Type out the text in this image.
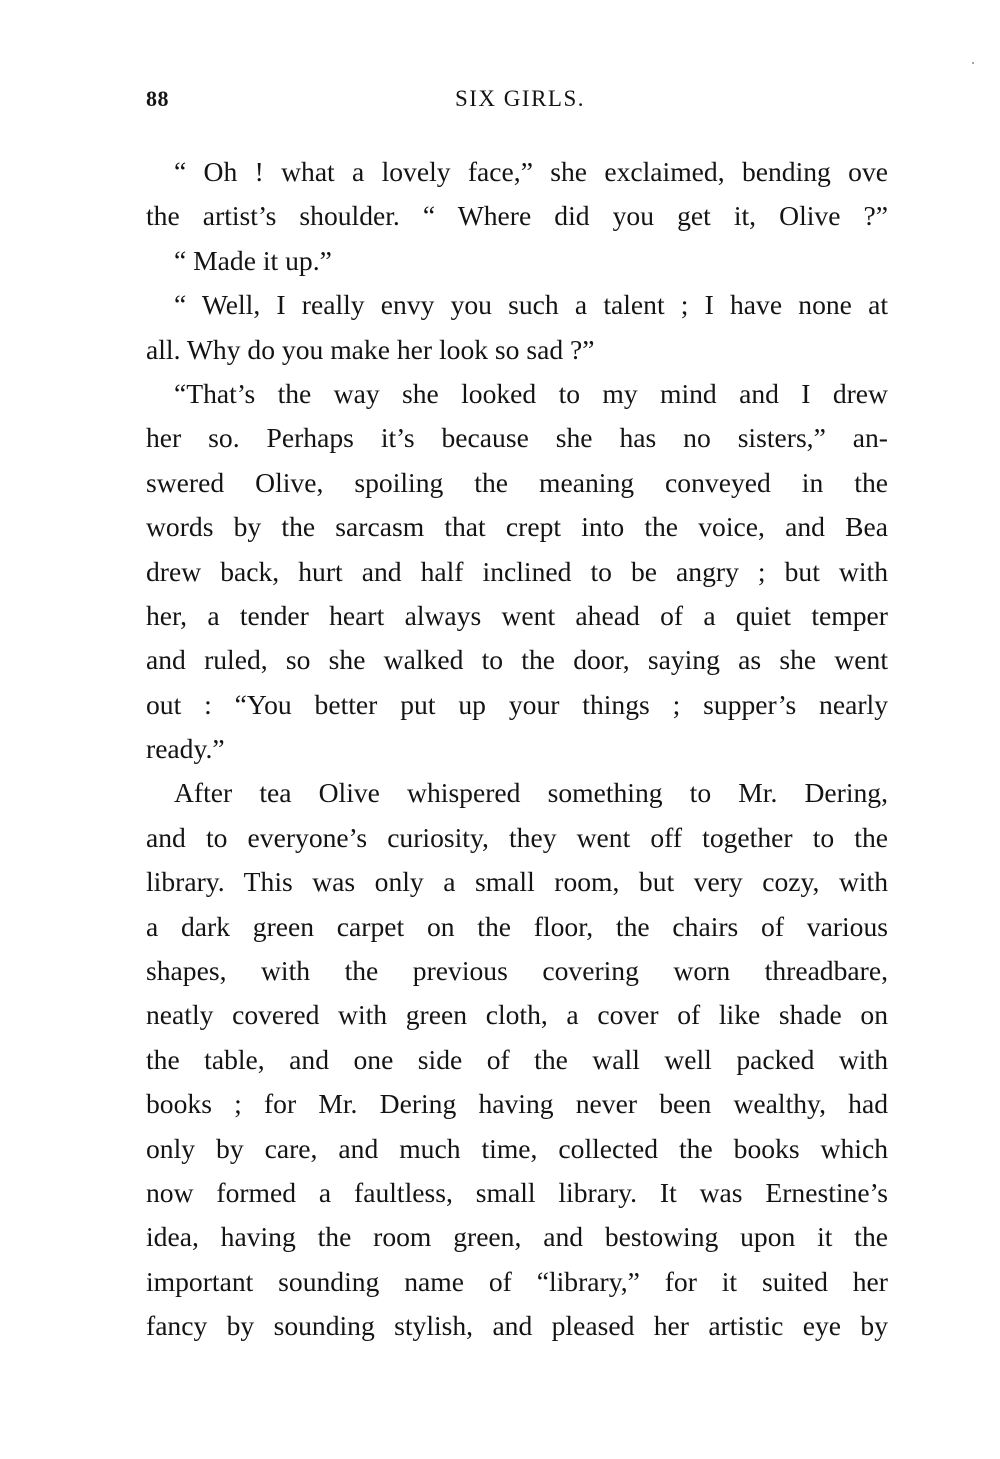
88	SIX GIRLS.
“ Oh ! what a lovely face,” she exclaimed, bending ove
the artist’s shoulder. “ Where did you get it, Olive ?”
“ Made it up.”
“ Well, I really envy you such a talent ; I have none at
all. Why do you make her look so sad ?”
“That’s the way she looked to my mind and I drew
her so. Perhaps it’s because she has no sisters,” an-
swered Olive, spoiling the meaning conveyed in the
words by the sarcasm that crept into the voice, and Bea
drew back, hurt and half inclined to be angry ; but with
her, a tender heart always went ahead of a quiet temper
and ruled, so she walked to the door, saying as she went
out : “You better put up your things ; supper’s nearly
ready.”
After tea Olive whispered something to Mr. Dering,
and to everyone’s curiosity, they went off together to the
library. This was only a small room, but very cozy, with
a dark green carpet on the floor, the chairs of various
shapes, with the previous covering worn threadbare,
neatly covered with green cloth, a cover of like shade on
the table, and one side of the wall well packed with
books ; for Mr. Dering having never been wealthy, had
only by care, and much time, collected the books which
now formed a faultless, small library. It was Ernestine’s
idea, having the room green, and bestowing upon it the
important sounding name of “library,” for it suited her
fancy by sounding stylish, and pleased her artistic eye by
